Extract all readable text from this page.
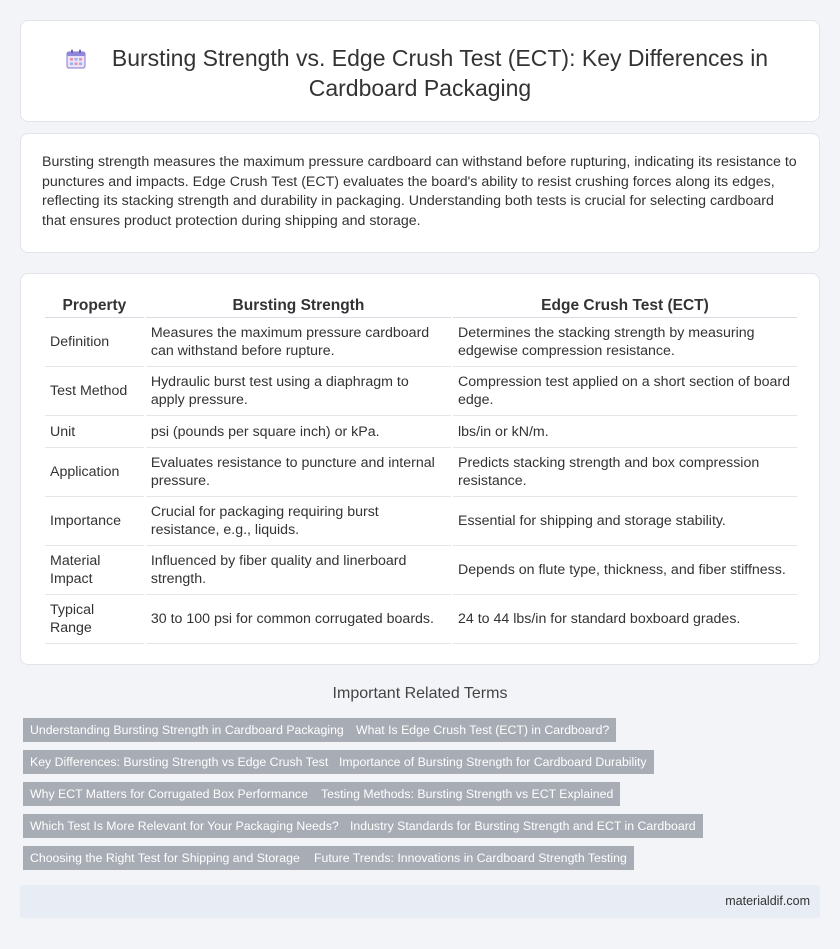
Bursting Strength vs. Edge Crush Test (ECT): Key Differences in
Cardboard Packaging

Bursting strength measures the maximum pressure cardboard can withstand before rupturing, indicating its resistance to punctures and impacts. Edge Crush Test (ECT) evaluates the board's ability to resist crushing forces along its edges, reflecting its stacking strength and durability in packaging. Understanding both tests is crucial for selecting cardboard that ensures product protection during shipping and storage.

Property	Bursting Strength	Edge Crush Test (ECT)
Definition	Measures the maximum pressure cardboard can withstand before rupture.	Determines the stacking strength by measuring edgewise compression resistance.
Test Method	Hydraulic burst test using a diaphragm to apply pressure.	Compression test applied on a short section of board edge.
Unit	psi (pounds per square inch) or kPa.	lbs/in or kN/m.
Application	Evaluates resistance to puncture and internal pressure.	Predicts stacking strength and box compression resistance.
Importance	Crucial for packaging requiring burst resistance, e.g., liquids.	Essential for shipping and storage stability.
Material Impact	Influenced by fiber quality and linerboard strength.	Depends on flute type, thickness, and fiber stiffness.
Typical Range	30 to 100 psi for common corrugated boards.	24 to 44 lbs/in for standard boxboard grades.
Important Related Terms
Understanding Bursting Strength in Cardboard Packaging What Is Edge Crush Test (ECT) in Cardboard?
Key Differences: Bursting Strength vs Edge Crush Test Importance of Bursting Strength for Cardboard Durability
Why ECT Matters for Corrugated Box Performance	Testing Methods: Bursting Strength vs ECT Explained
Which Test Is More Relevant for Your Packaging Needs? Industry Standards for Bursting Strength and ECT in Cardboard
Choosing the Right Test for Shipping and Storage	Future Trends: Innovations in Cardboard Strength Testing
materialdif.com
